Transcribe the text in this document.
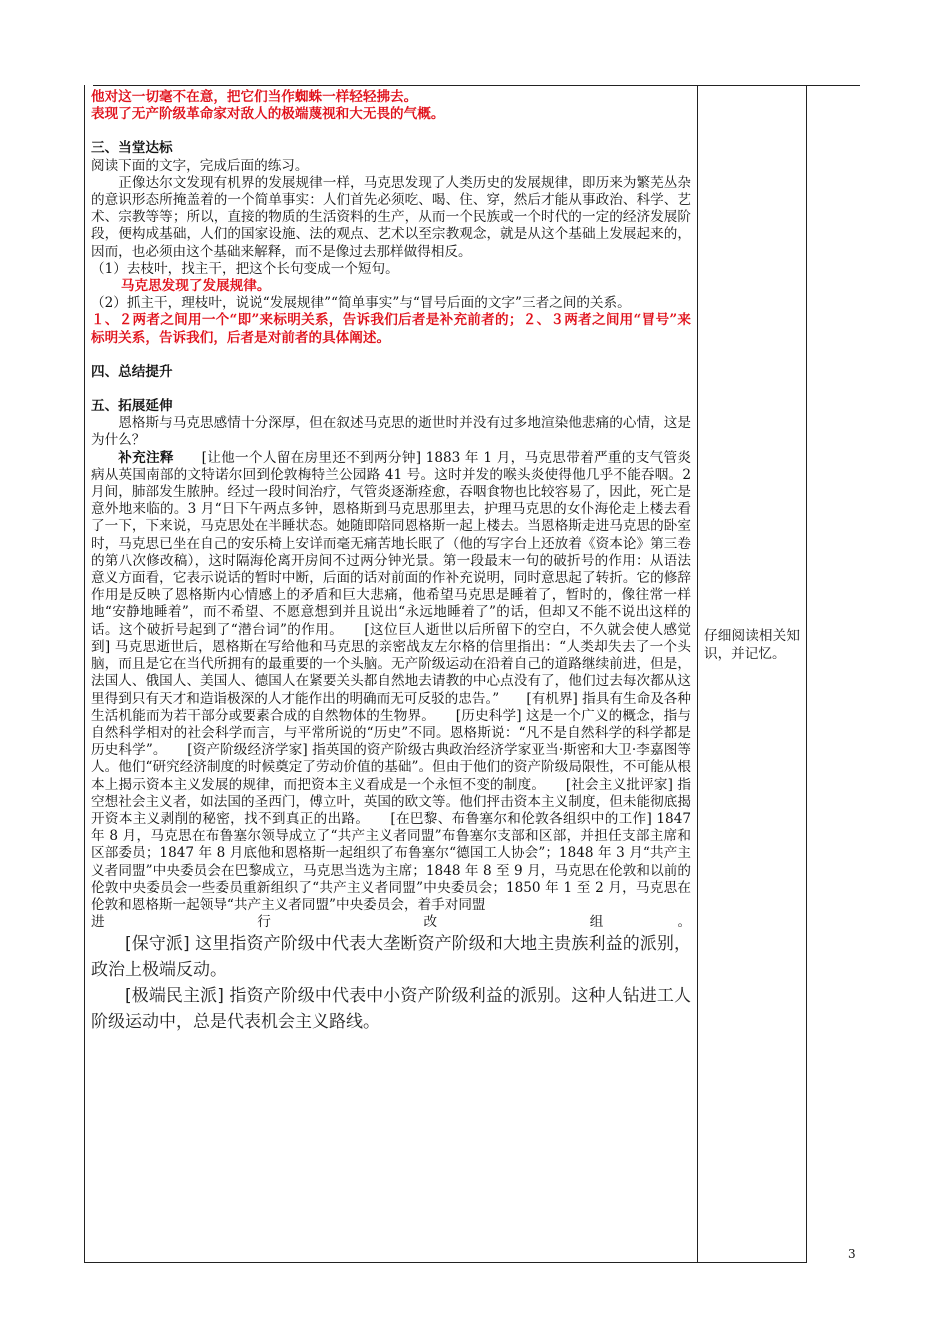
他对这一切毫不在意，把它们当作蜘蛛一样轻轻拂去。

表现了无产阶级革命家对敌人的极端蔑视和大无畏的气概。

三、当堂达标

阅读下面的文字，完成后面的练习。

正像达尔文发现有机界的发展规律一样，马克思发现了人类历史的发展规律，即历来为繁芜丛杂的意识形态所掩盖着的一个简单事实：人们首先必须吃、喝、住、穿，然后才能从事政治、科学、艺术、宗教等等；所以，直接的物质的生活资料的生产，从而一个民族或一个时代的一定的经济发展阶段，便构成基础，人们的国家设施、法的观点、艺术以至宗教观念，就是从这个基础上发展起来的，因而，也必须由这个基础来解释，而不是像过去那样做得相反。

（1）去枝叶，找主干，把这个长句变成一个短句。

马克思发现了发展规律。

（2）抓主干，理枝叶，说说“发展规律”“简单事实”与“冒号后面的文字”三者之间的关系。

１、２两者之间用一个“即”来标明关系，告诉我们后者是补充前者的；２、３两者之间用“冒号”来标明关系，告诉我们，后者是对前者的具体阐述。

四、总结提升

五、拓展延伸

恩格斯与马克思感情十分深厚，但在叙述马克思的逝世时并没有过多地渲染他悲痛的心情，这是为什么？

补充注释　　 [让他一个人留在房里还不到两分钟] 1883 年 1 月，马克思带着严重的支气管炎病从英国南部的文特诺尔回到伦敦梅特兰公园路 41 号。这时并发的喉头炎使得他几乎不能吞咽。2 月间，肺部发生脓肿。经过一段时间治疗，气管炎逐渐痊愈，吞咽食物也比较容易了，因此，死亡是意外地来临的。3 月“日下午两点多钟，恩格斯到马克思那里去，护理马克思的女仆海伦走上楼去看了一下，下来说，马克思处在半睡状态。她随即陪同恩格斯一起上楼去。当恩格斯走进马克思的卧室时，马克思已坐在自己的安乐椅上安详而毫无痛苦地长眠了（他的写字台上还放着《资本论》第三卷的第八次修改稿），这时隔海伦离开房间不过两分钟光景。第一段最末一句的破折号的作用：从语法意义方面看，它表示说话的暂时中断，后面的话对前面的作补充说明，同时意思起了转折。它的修辞作用是反映了恩格斯内心情感上的矛盾和巨大悲痛，他希望马克思是睡着了，暂时的，像往常一样地“安静地睡着”，而不希望、不愿意想到并且说出“永远地睡着了”的话，但却又不能不说出这样的话。这个破折号起到了“潜台词”的作用。　　[这位巨人逝世以后所留下的空白，不久就会使人感觉到] 马克思逝世后，恩格斯在写给他和马克思的亲密战友左尔格的信里指出：“人类却失去了一个头脑，而且是它在当代所拥有的最重要的一个头脑。无产阶级运动在沿着自己的道路继续前进，但是，法国人、俄国人、美国人、德国人在紧要关头都自然地去请教的中心点没有了，他们过去每次都从这里得到只有天才和造诣极深的人才能作出的明确而无可反驳的忠告。”　　[有机界] 指具有生命及各种生活机能而为若干部分或要素合成的自然物体的生物界。　　[历史科学] 这是一个广义的概念，指与自然科学相对的社会科学而言，与平常所说的“历史”不同。恩格斯说：“凡不是自然科学的科学都是历史科学”。　　[资产阶级经济学家] 指英国的资产阶级古典政治经济学家亚当·斯密和大卫·李嘉图等人。他们“研究经济制度的时候奠定了劳动价值的基础”。但由于他们的资产阶级局限性，不可能从根本上揭示资本主义发展的规律，而把资本主义看成是一个永恒不变的制度。　　[社会主义批评家] 指空想社会主义者，如法国的圣西门，傅立叶，英国的欧文等。他们抨击资本主义制度，但未能彻底揭开资本主义剥削的秘密，找不到真正的出路。　　[在巴黎、布鲁塞尔和伦敦各组织中的工作] 1847 年 8 月，马克思在布鲁塞尔领导成立了“共产主义者同盟”布鲁塞尔支部和区部，并担任支部主席和区部委员；1847 年 8 月底他和恩格斯一起组织了布鲁塞尔“德国工人协会”；1848 年 3 月“共产主义者同盟”中央委员会在巴黎成立，马克思当选为主席；1848 年 8 至 9 月，马克思在伦敦和以前的伦敦中央委员会一些委员重新组织了“共产主义者同盟”中央委员会；1850 年 1 至 2 月，马克思在伦敦和恩格斯一起领导“共产主义者同盟”中央委员会，着手对同盟

进	行	改	组。

[保守派] 这里指资产阶级中代表大垄断资产阶级和大地主贵族利益的派别，政治上极端反动。

[极端民主派] 指资产阶级中代表中小资产阶级利益的派别。这种人钻进工人阶级运动中，总是代表机会主义路线。

仔细阅读相关知识，并记忆。
3
